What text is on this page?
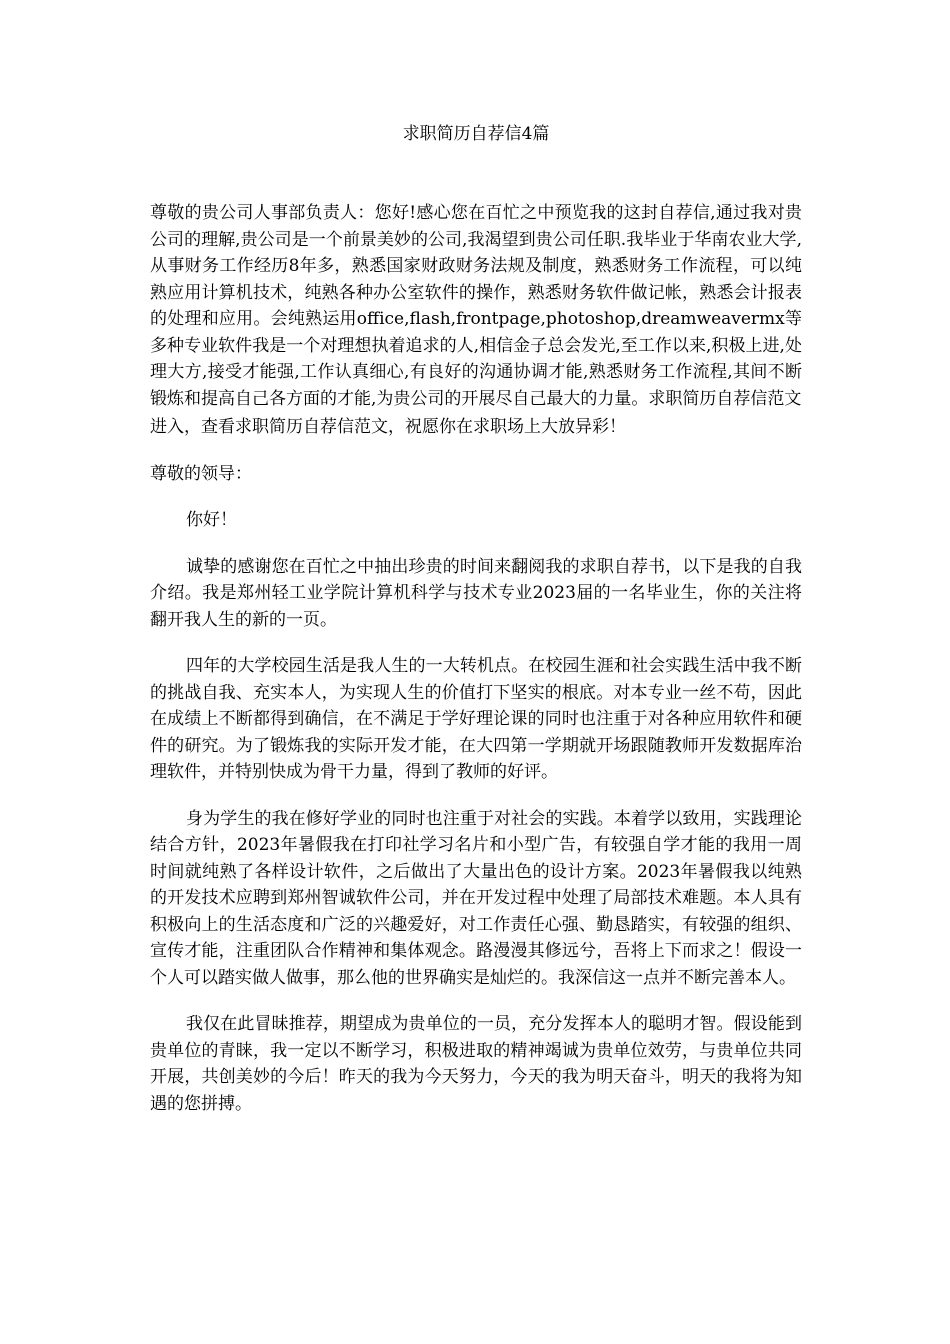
求职简历自荐信4篇

尊敬的贵公司人事部负责人：您好!感心您在百忙之中预览我的这封自荐信,通过我对贵公司的理解,贵公司是一个前景美妙的公司,我渴望到贵公司任职.我毕业于华南农业大学,从事财务工作经历8年多，熟悉国家财政财务法规及制度，熟悉财务工作流程，可以纯熟应用计算机技术，纯熟各种办公室软件的操作，熟悉财务软件做记帐，熟悉会计报表的处理和应用。会纯熟运用office,flash,frontpage,photoshop,dreamweavermx等多种专业软件我是一个对理想执着追求的人,相信金子总会发光,至工作以来,积极上进,处理大方,接受才能强,工作认真细心,有良好的沟通协调才能,熟悉财务工作流程,其间不断锻炼和提高自己各方面的才能,为贵公司的开展尽自己最大的力量。求职简历自荐信范文

进入，查看求职简历自荐信范文，祝愿你在求职场上大放异彩！

尊敬的领导：

你好！

诚挚的感谢您在百忙之中抽出珍贵的时间来翻阅我的求职自荐书，以下是我的自我介绍。我是郑州轻工业学院计算机科学与技术专业2023届的一名毕业生，你的关注将翻开我人生的新的一页。

四年的大学校园生活是我人生的一大转机点。在校园生涯和社会实践生活中我不断的挑战自我、充实本人，为实现人生的价值打下坚实的根底。对本专业一丝不苟，因此在成绩上不断都得到确信，在不满足于学好理论课的同时也注重于对各种应用软件和硬件的研究。为了锻炼我的实际开发才能，在大四第一学期就开场跟随教师开发数据库治理软件，并特别快成为骨干力量，得到了教师的好评。

身为学生的我在修好学业的同时也注重于对社会的实践。本着学以致用，实践理论结合方针，2023年暑假我在打印社学习名片和小型广告，有较强自学才能的我用一周时间就纯熟了各样设计软件，之后做出了大量出色的设计方案。2023年暑假我以纯熟的开发技术应聘到郑州智诚软件公司，并在开发过程中处理了局部技术难题。本人具有积极向上的生活态度和广泛的兴趣爱好，对工作责任心强、勤恳踏实，有较强的组织、宣传才能，注重团队合作精神和集体观念。路漫漫其修远兮，吾将上下而求之！假设一个人可以踏实做人做事，那么他的世界确实是灿烂的。我深信这一点并不断完善本人。

我仅在此冒昧推荐，期望成为贵单位的一员，充分发挥本人的聪明才智。假设能到贵单位的青睐，我一定以不断学习，积极进取的精神竭诚为贵单位效劳，与贵单位共同开展，共创美妙的今后！昨天的我为今天努力，今天的我为明天奋斗，明天的我将为知遇的您拼搏。
